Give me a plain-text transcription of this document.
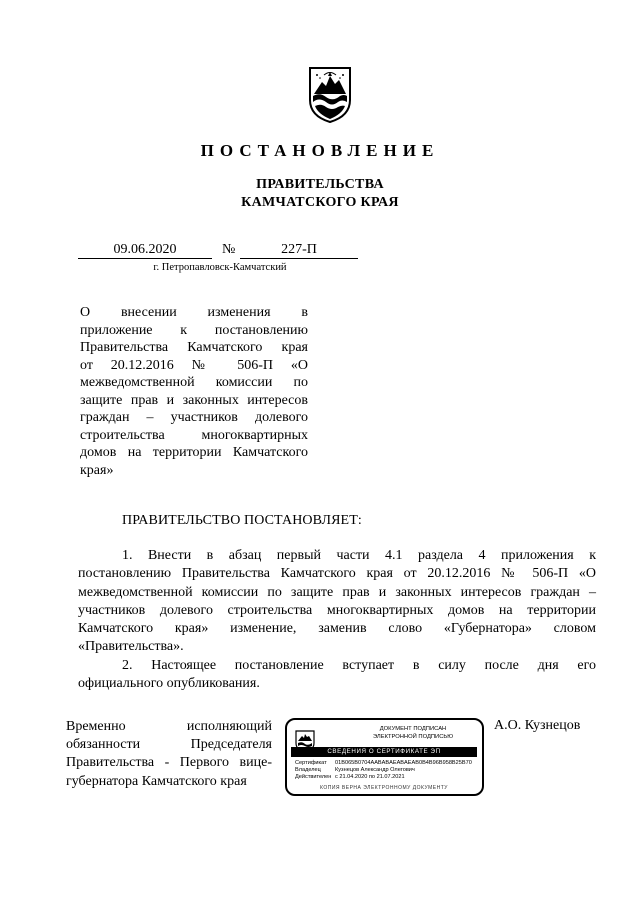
ПОСТАНОВЛЕНИЕ
ПРАВИТЕЛЬСТВА
КАМЧАТСКОГО КРАЯ
09.06.2020	№	227-П
г. Петропавловск-Камчатский
О внесении изменения в
приложение к постановлению
Правительства Камчатского края
от 20.12.2016 № 506-П «О
межведомственной комиссии по
защите прав и законных интересов
граждан – участников долевого
строительства многоквартирных
домов на территории Камчатского
края»
ПРАВИТЕЛЬСТВО ПОСТАНОВЛЯЕТ:
1. Внести в абзац первый части 4.1 раздела 4 приложения к
постановлению Правительства Камчатского края от 20.12.2016 № 506-П «О
межведомственной комиссии по защите прав и законных интересов граждан –
участников долевого строительства многоквартирных домов на территории
Камчатского края» изменение, заменив слово «Губернатора» словом
«Правительства».
2. Настоящее постановление вступает в силу после дня его
официального опубликования.
Временно исполняющий
обязанности Председателя
Правительства - Первого вице-
губернатора Камчатского края
ДОКУМЕНТ ПОДПИСАН
ЭЛЕКТРОННОЙ ПОДПИСЬЮ
СВЕДЕНИЯ О СЕРТИФИКАТЕ ЭП
Сертификат 01B065B0704AABABAEABAEAB0B4B96B958B25B70
Владелец	Кузнецов Александр Олегович
Действителен с 21.04.2020 по 21.07.2021
КОПИЯ ВЕРНА ЭЛЕКТРОННОМУ ДОКУМЕНТУ
А.О. Кузнецов
